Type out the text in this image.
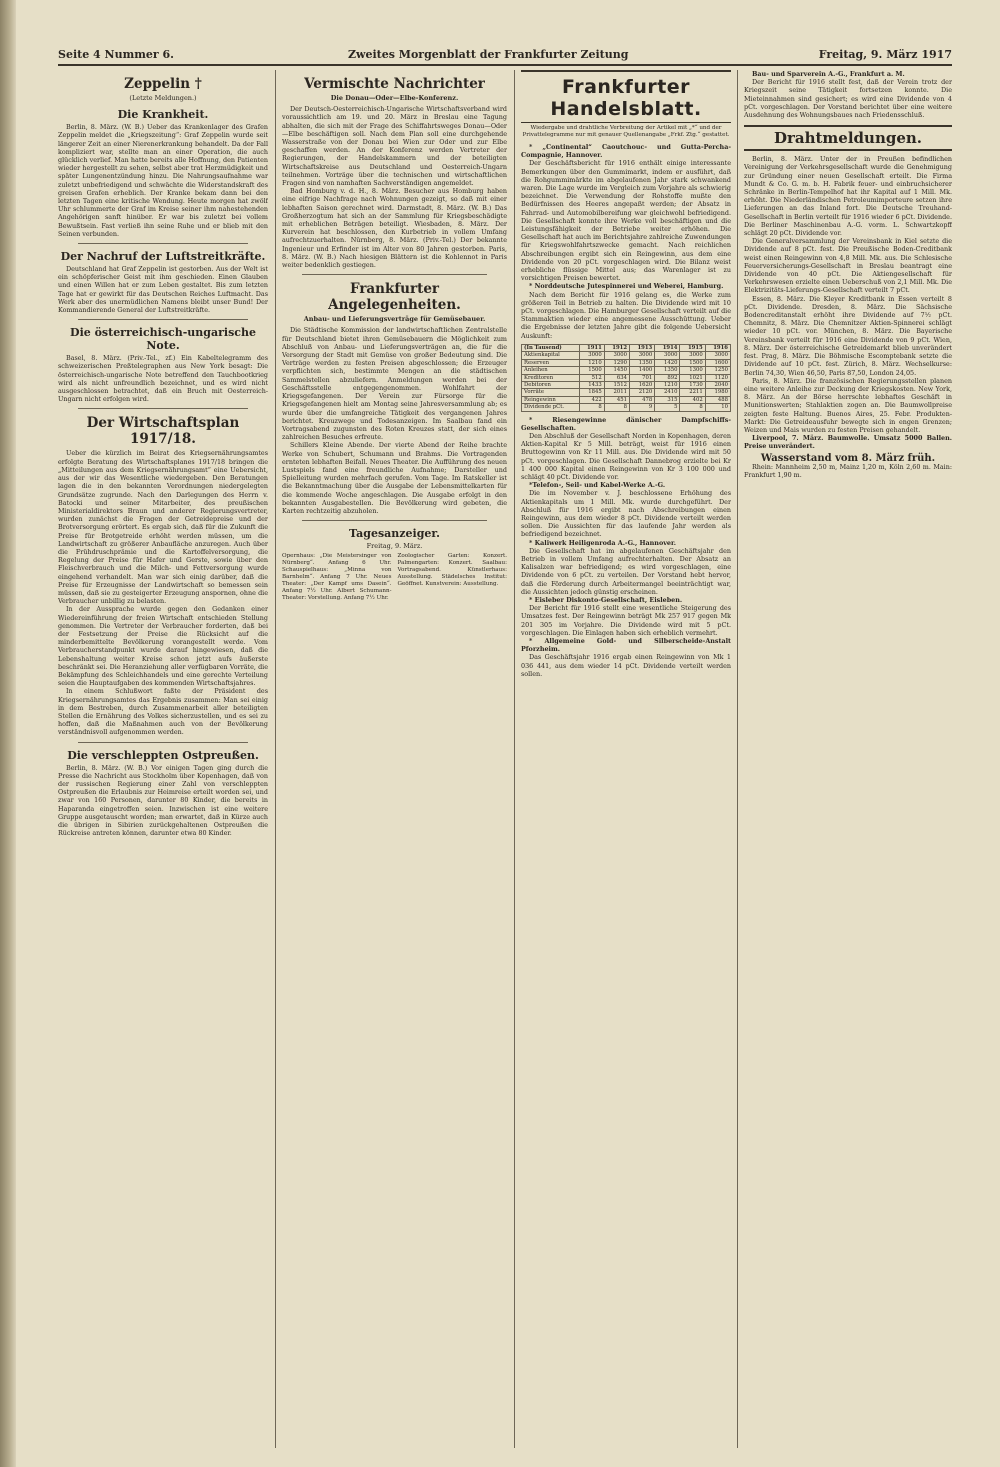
Seite 4 Nummer 6.	Zweites Morgenblatt der Frankfurter Zeitung	Freitag, 9. März 1917
Zeppelin †
(Letzte Meldungen.)
Die Krankheit.

Berlin, 8. März. (W. B.) Ueber das Krankenlager des Grafen Zeppelin meldet die „Kriegszeitung“: Graf Zeppelin wurde seit längerer Zeit an einer Nierenerkrankung behandelt. Da der Fall kompliziert war, stellte man an einer Operation, die auch glücklich verlief. Man hatte bereits alle Hoffnung, den Patienten wieder hergestellt zu sehen, selbst aber trat Herzmüdigkeit und später Lungenentzündung hinzu. Die Nahrungsaufnahme war zuletzt unbefriedigend und schwächte die Widerstandskraft des greisen Grafen erheblich. Der Kranke bekam dann bei den letzten Tagen eine kritische Wendung. Heute morgen hat zwölf Uhr schlummerte der Graf im Kreise seiner ihm nahestehenden Angehörigen sanft hinüber. Er war bis zuletzt bei vollem Bewußtsein. Fast verließ ihn seine Ruhe und er blieb mit den Seinen verbunden.

Der Nachruf der Luftstreitkräfte.

Deutschland hat Graf Zeppelin ist gestorben. Aus der Welt ist ein schöpferischer Geist mit ihm geschieden. Einen Glauben und einen Willen hat er zum Leben gestaltet. Bis zum letzten Tage hat er gewirkt für das Deutschen Reiches Luftmacht. Das Werk aber des unermüdlichen Namens bleibt unser Bund! Der Kommandierende General der Luftstreitkräfte.

Die österreichisch-ungarische Note.

Basel, 8. März. (Priv.-Tel., zf.) Ein Kabeltelegramm des schweizerischen Preßtelegraphen aus New York besagt: Die österreichisch-ungarische Note betreffend den Tauchbootkrieg wird als nicht unfreundlich bezeichnet, und es wird nicht ausgeschlossen betrachtet, daß ein Bruch mit Oesterreich-Ungarn nicht erfolgen wird.

Der Wirtschaftsplan 1917/18.

Ueber die kürzlich im Beirat des Kriegsernährungsamtes erfolgte Beratung des Wirtschaftsplanes 1917/18 bringen die „Mitteilungen aus dem Kriegsernährungsamt“ eine Uebersicht, aus der wir das Wesentliche wiedergeben. Den Beratungen lagen die in den bekannten Verordnungen niedergelegten Grundsätze zugrunde. Nach den Darlegungen des Herrn v. Batocki und seiner Mitarbeiter, des preußischen Ministerialdirektors Braun und anderer Regierungsvertreter, wurden zunächst die Fragen der Getreidepreise und der Brotversorgung erörtert. Es ergab sich, daß für die Zukunft die Preise für Brotgetreide erhöht werden müssen, um die Landwirtschaft zu größerer Anbaufläche anzuregen. Auch über die Frühdruschprämie und die Kartoffelversorgung, die Regelung der Preise für Hafer und Gerste, sowie über den Fleischverbrauch und die Milch- und Fettversorgung wurde eingehend verhandelt. Man war sich einig darüber, daß die Preise für Erzeugnisse der Landwirtschaft so bemessen sein müssen, daß sie zu gesteigerter Erzeugung anspornen, ohne die Verbraucher unbillig zu belasten.

In der Aussprache wurde gegen den Gedanken einer Wiedereinführung der freien Wirtschaft entschieden Stellung genommen. Die Vertreter der Verbraucher forderten, daß bei der Festsetzung der Preise die Rücksicht auf die minderbemittelte Bevölkerung vorangestellt werde. Vom Verbraucherstandpunkt wurde darauf hingewiesen, daß die Lebenshaltung weiter Kreise schon jetzt aufs äußerste beschränkt sei. Die Heranziehung aller verfügbaren Vorräte, die Bekämpfung des Schleichhandels und eine gerechte Verteilung seien die Hauptaufgaben des kommenden Wirtschaftsjahres.

In einem Schlußwort faßte der Präsident des Kriegsernährungsamtes das Ergebnis zusammen: Man sei einig in dem Bestreben, durch Zusammenarbeit aller beteiligten Stellen die Ernährung des Volkes sicherzustellen, und es sei zu hoffen, daß die Maßnahmen auch von der Bevölkerung verständnisvoll aufgenommen werden.

Die verschleppten Ostpreußen.

Berlin, 8. März. (W. B.) Vor einigen Tagen ging durch die Presse die Nachricht aus Stockholm über Kopenhagen, daß von der russischen Regierung einer Zahl von verschleppten Ostpreußen die Erlaubnis zur Heimreise erteilt worden sei, und zwar von 160 Personen, darunter 80 Kinder, die bereits in Haparanda eingetroffen seien. Inzwischen ist eine weitere Gruppe ausgetauscht worden; man erwartet, daß in Kürze auch die übrigen in Sibirien zurückgehaltenen Ostpreußen die Rückreise antreten können, darunter etwa 80 Kinder.

Vermischte Nachrichter
Die Donau—Oder—Elbe-Konferenz.

Der Deutsch-Oesterreichisch-Ungarische Wirtschaftsverband wird voraussichtlich am 19. und 20. März in Breslau eine Tagung abhalten, die sich mit der Frage des Schiffahrtsweges Donau—Oder—Elbe beschäftigen soll. Nach dem Plan soll eine durchgehende Wasserstraße von der Donau bei Wien zur Oder und zur Elbe geschaffen werden. An der Konferenz werden Vertreter der Regierungen, der Handelskammern und der beteiligten Wirtschaftskreise aus Deutschland und Oesterreich-Ungarn teilnehmen. Vorträge über die technischen und wirtschaftlichen Fragen sind von namhaften Sachverständigen angemeldet.

Bad Homburg v. d. H., 8. März. Besucher aus Homburg haben eine eifrige Nachfrage nach Wohnungen gezeigt, so daß mit einer lebhaften Saison gerechnet wird. Darmstadt, 8. März. (W. B.) Das Großherzogtum hat sich an der Sammlung für Kriegsbeschädigte mit erheblichen Beträgen beteiligt. Wiesbaden, 8. März. Der Kurverein hat beschlossen, den Kurbetrieb in vollem Umfang aufrechtzuerhalten. Nürnberg, 8. März. (Priv.-Tel.) Der bekannte Ingenieur und Erfinder ist im Alter von 80 Jahren gestorben. Paris, 8. März. (W. B.) Nach hiesigen Blättern ist die Kohlennot in Paris weiter bedenklich gestiegen.

Frankfurter Angelegenheiten.
Anbau- und Lieferungsverträge für Gemüsebauer.

Die Städtische Kommission der landwirtschaftlichen Zentralstelle für Deutschland bietet ihren Gemüsebauern die Möglichkeit zum Abschluß von Anbau- und Lieferungsverträgen an, die für die Versorgung der Stadt mit Gemüse von großer Bedeutung sind. Die Verträge werden zu festen Preisen abgeschlossen; die Erzeuger verpflichten sich, bestimmte Mengen an die städtischen Sammelstellen abzuliefern. Anmeldungen werden bei der Geschäftsstelle entgegengenommen. Wohlfahrt der Kriegsgefangenen. Der Verein zur Fürsorge für die Kriegsgefangenen hielt am Montag seine Jahresversammlung ab; es wurde über die umfangreiche Tätigkeit des vergangenen Jahres berichtet. Kreuzwege und Todesanzeigen. Im Saalbau fand ein Vortragsabend zugunsten des Roten Kreuzes statt, der sich eines zahlreichen Besuches erfreute.

Schillers Kleine Abende. Der vierte Abend der Reihe brachte Werke von Schubert, Schumann und Brahms. Die Vortragenden ernteten lebhaften Beifall. Neues Theater. Die Aufführung des neuen Lustspiels fand eine freundliche Aufnahme; Darsteller und Spielleitung wurden mehrfach gerufen. Vom Tage. Im Ratskeller ist die Bekanntmachung über die Ausgabe der Lebensmittelkarten für die kommende Woche angeschlagen. Die Ausgabe erfolgt in den bekannten Ausgabestellen. Die Bevölkerung wird gebeten, die Karten rechtzeitig abzuholen.

Tagesanzeiger.
Freitag, 9. März.
Opernhaus: „Die Meistersinger von Nürnberg“. Anfang 6 Uhr. Schauspielhaus: „Minna von Barnhelm“. Anfang 7 Uhr. Neues Theater: „Der Kampf ums Dasein“. Anfang 7½ Uhr. Albert Schumann-Theater: Vorstellung. Anfang 7½ Uhr.
Zoologischer Garten: Konzert. Palmengarten: Konzert. Saalbau: Vortragsabend. Künstlerhaus: Ausstellung. Städelsches Institut: Geöffnet. Kunstverein: Ausstellung.
Frankfurter Handelsblatt.
Wiedergabe und drahtliche Verbreitung der Artikel mit „*“ und der Privattelegramme nur mit genauer Quellenangabe „Frkf. Ztg.“ gestattet.

* „Continental“ Caoutchouc- und Gutta-Percha-Compagnie, Hannover.

Der Geschäftsbericht für 1916 enthält einige interessante Bemerkungen über den Gummimarkt, indem er ausführt, daß die Rohgummimärkte im abgelaufenen Jahr stark schwankend waren. Die Lage wurde im Vergleich zum Vorjahre als schwierig bezeichnet. Die Verwendung der Rohstoffe mußte den Bedürfnissen des Heeres angepaßt werden; der Absatz in Fahrrad- und Automobilbereifung war gleichwohl befriedigend. Die Gesellschaft konnte ihre Werke voll beschäftigen und die Leistungsfähigkeit der Betriebe weiter erhöhen. Die Gesellschaft hat auch im Berichtsjahre zahlreiche Zuwendungen für Kriegswohlfahrtszwecke gemacht. Nach reichlichen Abschreibungen ergibt sich ein Reingewinn, aus dem eine Dividende von 20 pCt. vorgeschlagen wird. Die Bilanz weist erhebliche flüssige Mittel aus; das Warenlager ist zu vorsichtigen Preisen bewertet.

* Norddeutsche Jutespinnerei und Weberei, Hamburg.

Nach dem Bericht für 1916 gelang es, die Werke zum größeren Teil in Betrieb zu halten. Die Dividende wird mit 10 pCt. vorgeschlagen. Die Hamburger Gesellschaft verteilt auf die Stammaktien wieder eine angemessene Ausschüttung. Ueber die Ergebnisse der letzten Jahre gibt die folgende Uebersicht Auskunft:

(In Tausend)	1911	1912	1913	1914	1915	1916
Aktienkapital	3000	3000	3000	3000	3000	3000
Reserven	1210	1290	1350	1420	1500	1600
Anleihen	1500	1450	1400	1350	1300	1250
Kreditoren	512	634	701	892	1021	1120
Debitoren	1433	1512	1620	1210	1730	2040
Vorräte	1845	2011	2120	2410	2211	1980
Reingewinn	422	451	478	315	402	488
Dividende pCt.	8	8	9	5	8	10

* Riesengewinne dänischer Dampfschiffs-Gesellschaften.

Den Abschluß der Gesellschaft Norden in Kopenhagen, deren Aktien-Kapital Kr 5 Mill. beträgt, weist für 1916 einen Bruttogewinn von Kr 11 Mill. aus. Die Dividende wird mit 50 pCt. vorgeschlagen. Die Gesellschaft Dannebrog erzielte bei Kr 1 400 000 Kapital einen Reingewinn von Kr 3 100 000 und schlägt 40 pCt. Dividende vor.

*Telefon-, Seil- und Kabel-Werke A.-G.

Die im November v. J. beschlossene Erhöhung des Aktienkapitals um 1 Mill. Mk. wurde durchgeführt. Der Abschluß für 1916 ergibt nach Abschreibungen einen Reingewinn, aus dem wieder 8 pCt. Dividende verteilt werden sollen. Die Aussichten für das laufende Jahr werden als befriedigend bezeichnet.

* Kaliwerk Heiligenroda A.-G., Hannover.

Die Gesellschaft hat im abgelaufenen Geschäftsjahr den Betrieb in vollem Umfang aufrechterhalten. Der Absatz an Kalisalzen war befriedigend; es wird vorgeschlagen, eine Dividende von 6 pCt. zu verteilen. Der Vorstand hebt hervor, daß die Förderung durch Arbeitermangel beeinträchtigt war, die Aussichten jedoch günstig erscheinen.

* Eisleber Diskonto-Gesellschaft, Eisleben.

Der Bericht für 1916 stellt eine wesentliche Steigerung des Umsatzes fest. Der Reingewinn beträgt Mk 257 917 gegen Mk 201 305 im Vorjahre. Die Dividende wird mit 5 pCt. vorgeschlagen. Die Einlagen haben sich erheblich vermehrt.

* Allgemeine Gold- und Silberscheide-Anstalt Pforzheim.

Das Geschäftsjahr 1916 ergab einen Reingewinn von Mk 1 036 441, aus dem wieder 14 pCt. Dividende verteilt werden sollen.

Bau- und Sparverein A.-G., Frankfurt a. M.

Der Bericht für 1916 stellt fest, daß der Verein trotz der Kriegszeit seine Tätigkeit fortsetzen konnte. Die Mieteinnahmen sind gesichert; es wird eine Dividende von 4 pCt. vorgeschlagen. Der Vorstand berichtet über eine weitere Ausdehnung des Wohnungsbaues nach Friedensschluß.

Drahtmeldungen.

Berlin, 8. März. Unter der in Preußen befindlichen Vereinigung der Verkehrsgesellschaft wurde die Genehmigung zur Gründung einer neuen Gesellschaft erteilt. Die Firma Mundt & Co. G. m. b. H. Fabrik feuer- und einbruchsicherer Schränke in Berlin-Tempelhof hat ihr Kapital auf 1 Mill. Mk. erhöht. Die Niederländischen Petroleumimporteure setzen ihre Lieferungen an das Inland fort. Die Deutsche Treuhand-Gesellschaft in Berlin verteilt für 1916 wieder 6 pCt. Dividende. Die Berliner Maschinenbau A.-G. vorm. L. Schwartzkopff schlägt 20 pCt. Dividende vor.

Die Generalversammlung der Vereinsbank in Kiel setzte die Dividende auf 8 pCt. fest. Die Preußische Boden-Creditbank weist einen Reingewinn von 4,8 Mill. Mk. aus. Die Schlesische Feuerversicherungs-Gesellschaft in Breslau beantragt eine Dividende von 40 pCt. Die Aktiengesellschaft für Verkehrswesen erzielte einen Ueberschuß von 2,1 Mill. Mk. Die Elektrizitäts-Lieferungs-Gesellschaft verteilt 7 pCt.

Essen, 8. März. Die Kleyer Kreditbank in Essen verteilt 8 pCt. Dividende. Dresden, 8. März. Die Sächsische Bodencreditanstalt erhöht ihre Dividende auf 7½ pCt. Chemnitz, 8. März. Die Chemnitzer Aktien-Spinnerei schlägt wieder 10 pCt. vor. München, 8. März. Die Bayerische Vereinsbank verteilt für 1916 eine Dividende von 9 pCt. Wien, 8. März. Der österreichische Getreidemarkt blieb unverändert fest. Prag, 8. März. Die Böhmische Escomptebank setzte die Dividende auf 10 pCt. fest. Zürich, 8. März. Wechselkurse: Berlin 74,30, Wien 46,50, Paris 87,50, London 24,05.

Paris, 8. März. Die französischen Regierungsstellen planen eine weitere Anleihe zur Deckung der Kriegskosten. New York, 8. März. An der Börse herrschte lebhaftes Geschäft in Munitionswerten; Stahlaktien zogen an. Die Baumwollpreise zeigten feste Haltung. Buenos Aires, 25. Febr. Produkten-Markt: Die Getreideausfuhr bewegte sich in engen Grenzen; Weizen und Mais wurden zu festen Preisen gehandelt.

Liverpool, 7. März. Baumwolle. Umsatz 5000 Ballen. Preise unverändert.

Wasserstand vom 8. März früh.

Rhein: Mannheim 2,50 m, Mainz 1,20 m, Köln 2,60 m. Main: Frankfurt 1,90 m.
